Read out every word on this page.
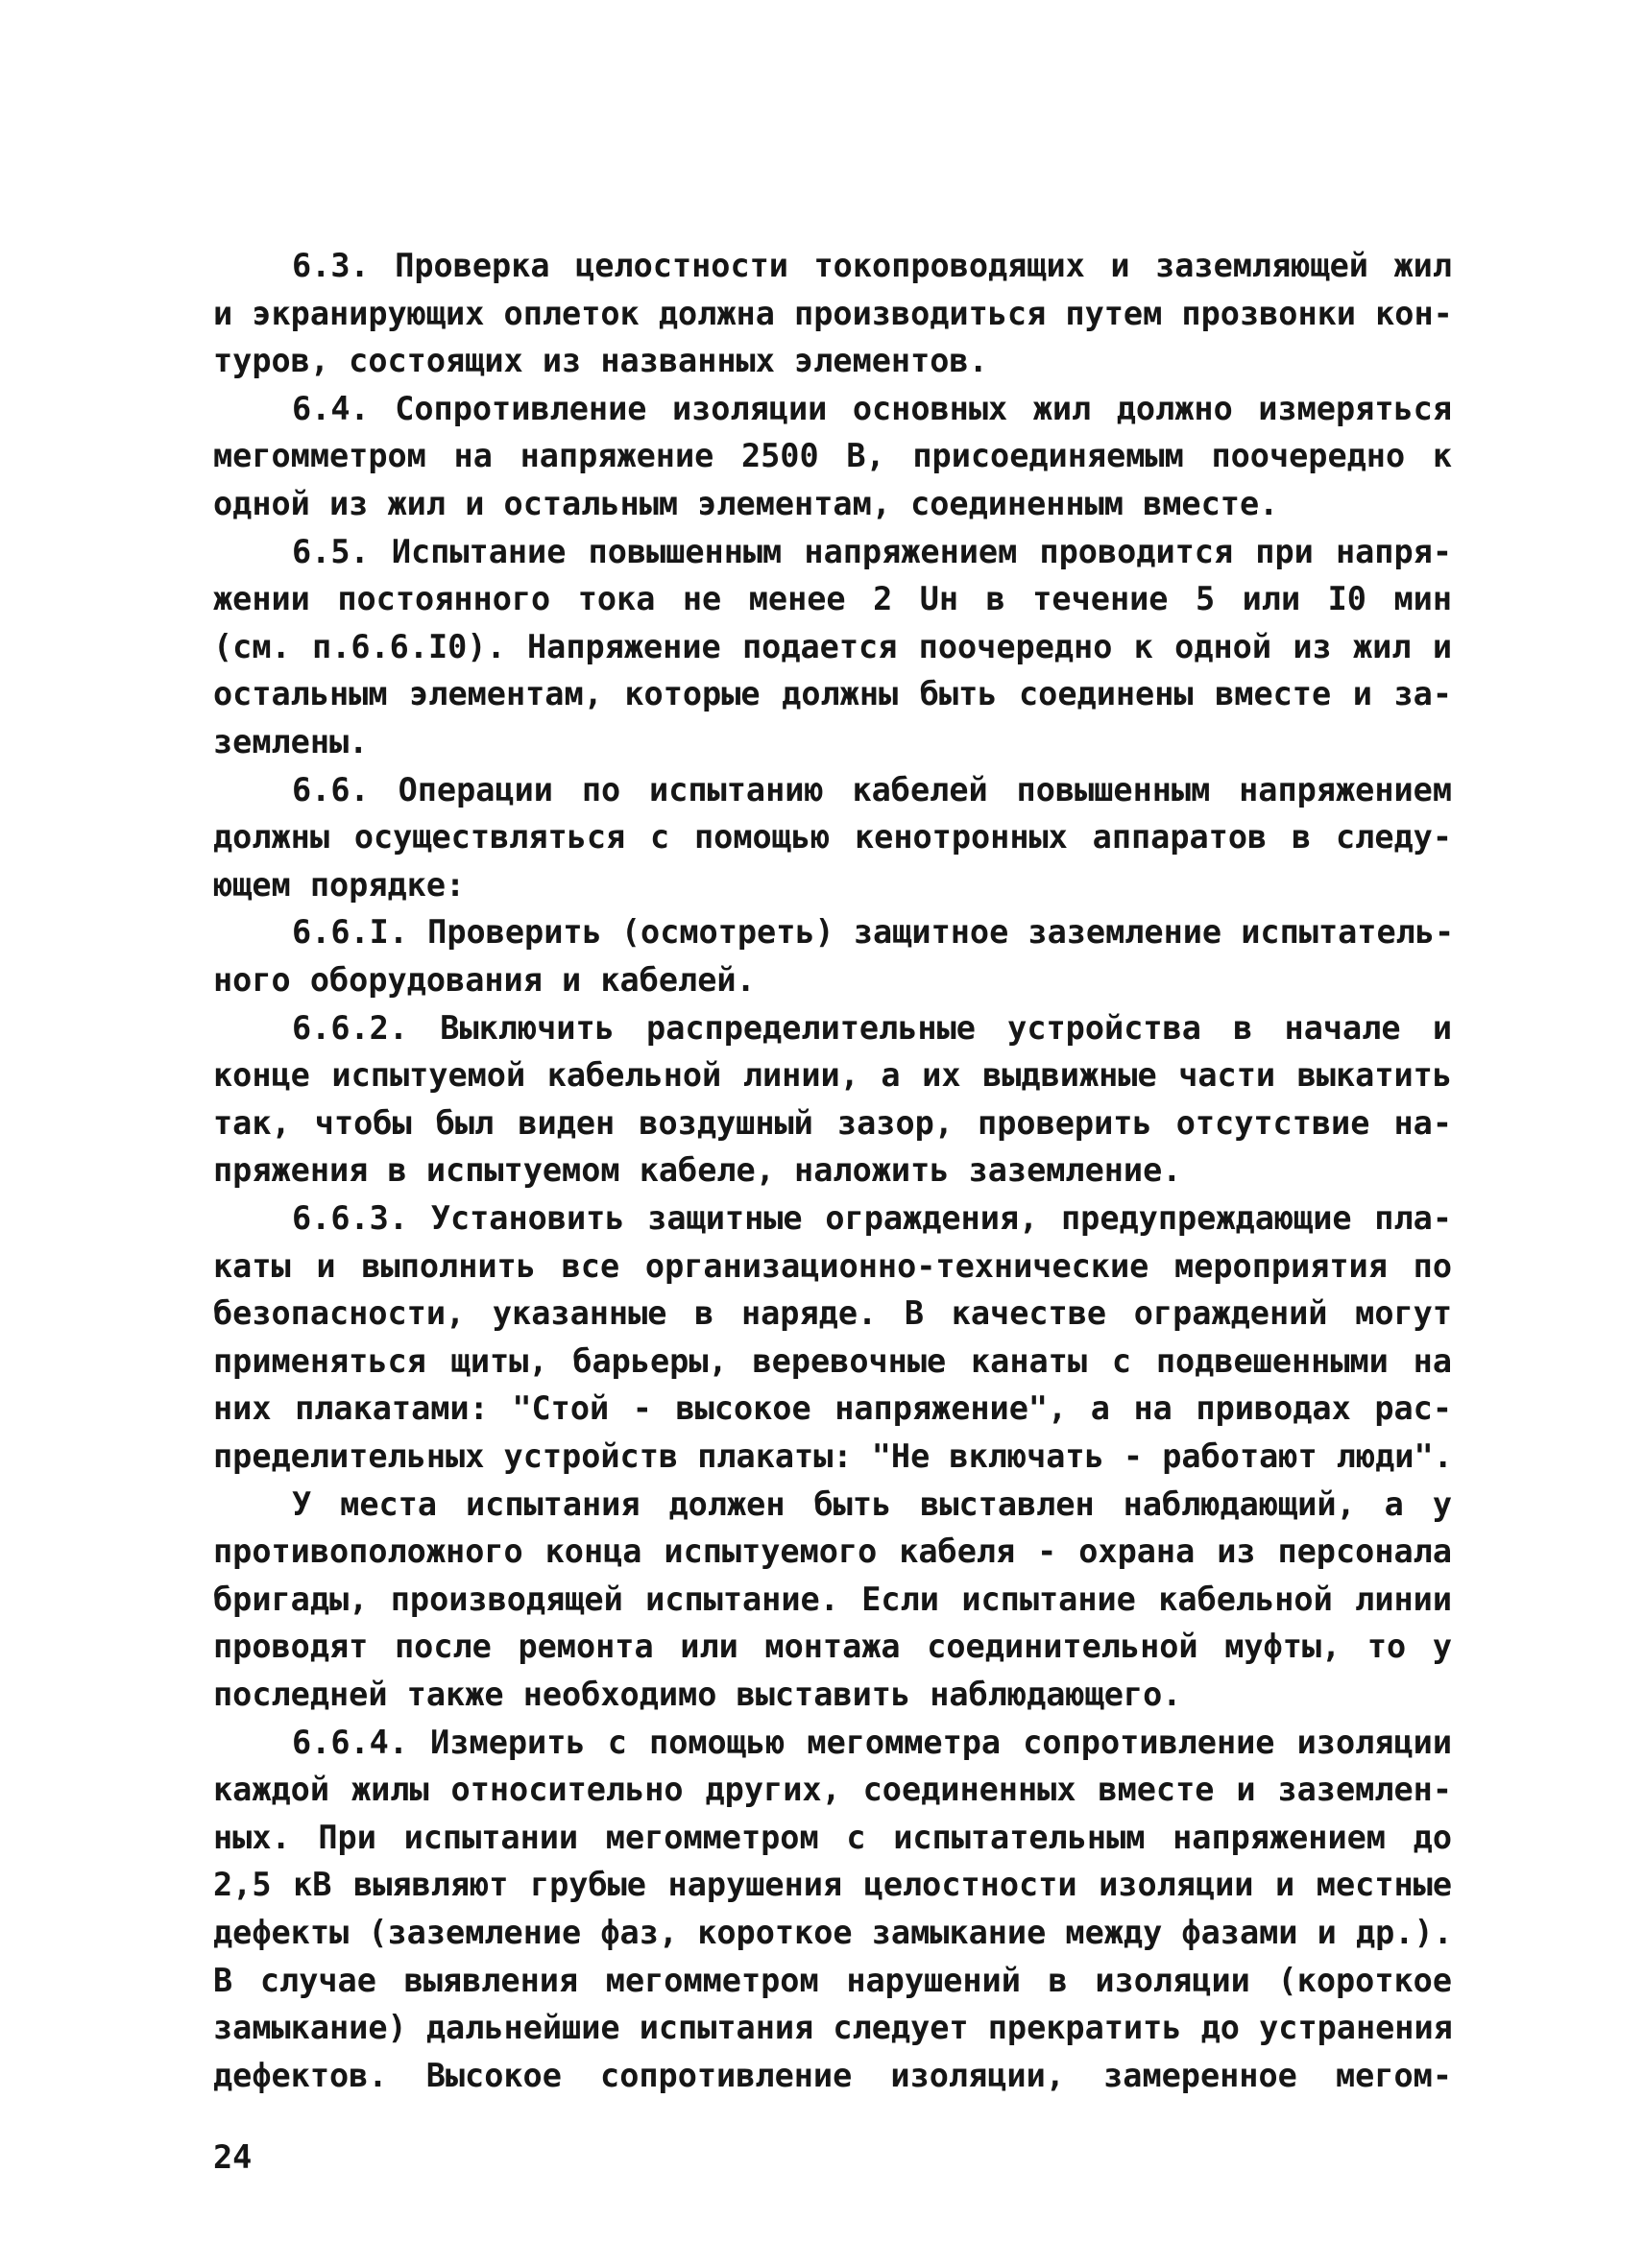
6.3. Проверка целостности токопроводящих и заземляющей жил
и экранирующих оплеток должна производиться путем прозвонки кон-
туров, состоящих из названных элементов.
6.4. Сопротивление изоляции основных жил должно измеряться
мегомметром на напряжение 2500 В, присоединяемым поочередно к
одной из жил и остальным элементам, соединенным вместе.
6.5. Испытание повышенным напряжением проводится при напря-
жении постоянного тока не менее 2 Uн в течение 5 или I0 мин
(см. п.6.6.I0). Напряжение подается поочередно к одной из жил и
остальным элементам, которые должны быть соединены вместе и за-
землены.
6.6. Операции по испытанию кабелей повышенным напряжением
должны осуществляться с помощью кенотронных аппаратов в следу-
ющем порядке:
6.6.I. Проверить (осмотреть) защитное заземление испытатель-
ного оборудования и кабелей.
6.6.2. Выключить распределительные устройства в начале и
конце испытуемой кабельной линии, а их выдвижные части выкатить
так, чтобы был виден воздушный зазор, проверить отсутствие на-
пряжения в испытуемом кабеле, наложить заземление.
6.6.3. Установить защитные ограждения, предупреждающие пла-
каты и выполнить все организационно-технические мероприятия по
безопасности, указанные в наряде. В качестве ограждений могут
применяться щиты, барьеры, веревочные канаты с подвешенными на
них плакатами: "Стой - высокое напряжение", а на приводах рас-
пределительных устройств плакаты: "Не включать - работают люди".
У места испытания должен быть выставлен наблюдающий, а у
противоположного конца испытуемого кабеля - охрана из персонала
бригады, производящей испытание. Если испытание кабельной линии
проводят после ремонта или монтажа соединительной муфты, то у
последней также необходимо выставить наблюдающего.
6.6.4. Измерить с помощью мегомметра сопротивление изоляции
каждой жилы относительно других, соединенных вместе и заземлен-
ных. При испытании мегомметром с испытательным напряжением до
2,5 кВ выявляют грубые нарушения целостности изоляции и местные
дефекты (заземление фаз, короткое замыкание между фазами и др.).
В случае выявления мегомметром нарушений в изоляции (короткое
замыкание) дальнейшие испытания следует прекратить до устранения
дефектов. Высокое сопротивление изоляции, замеренное мегом-
24
